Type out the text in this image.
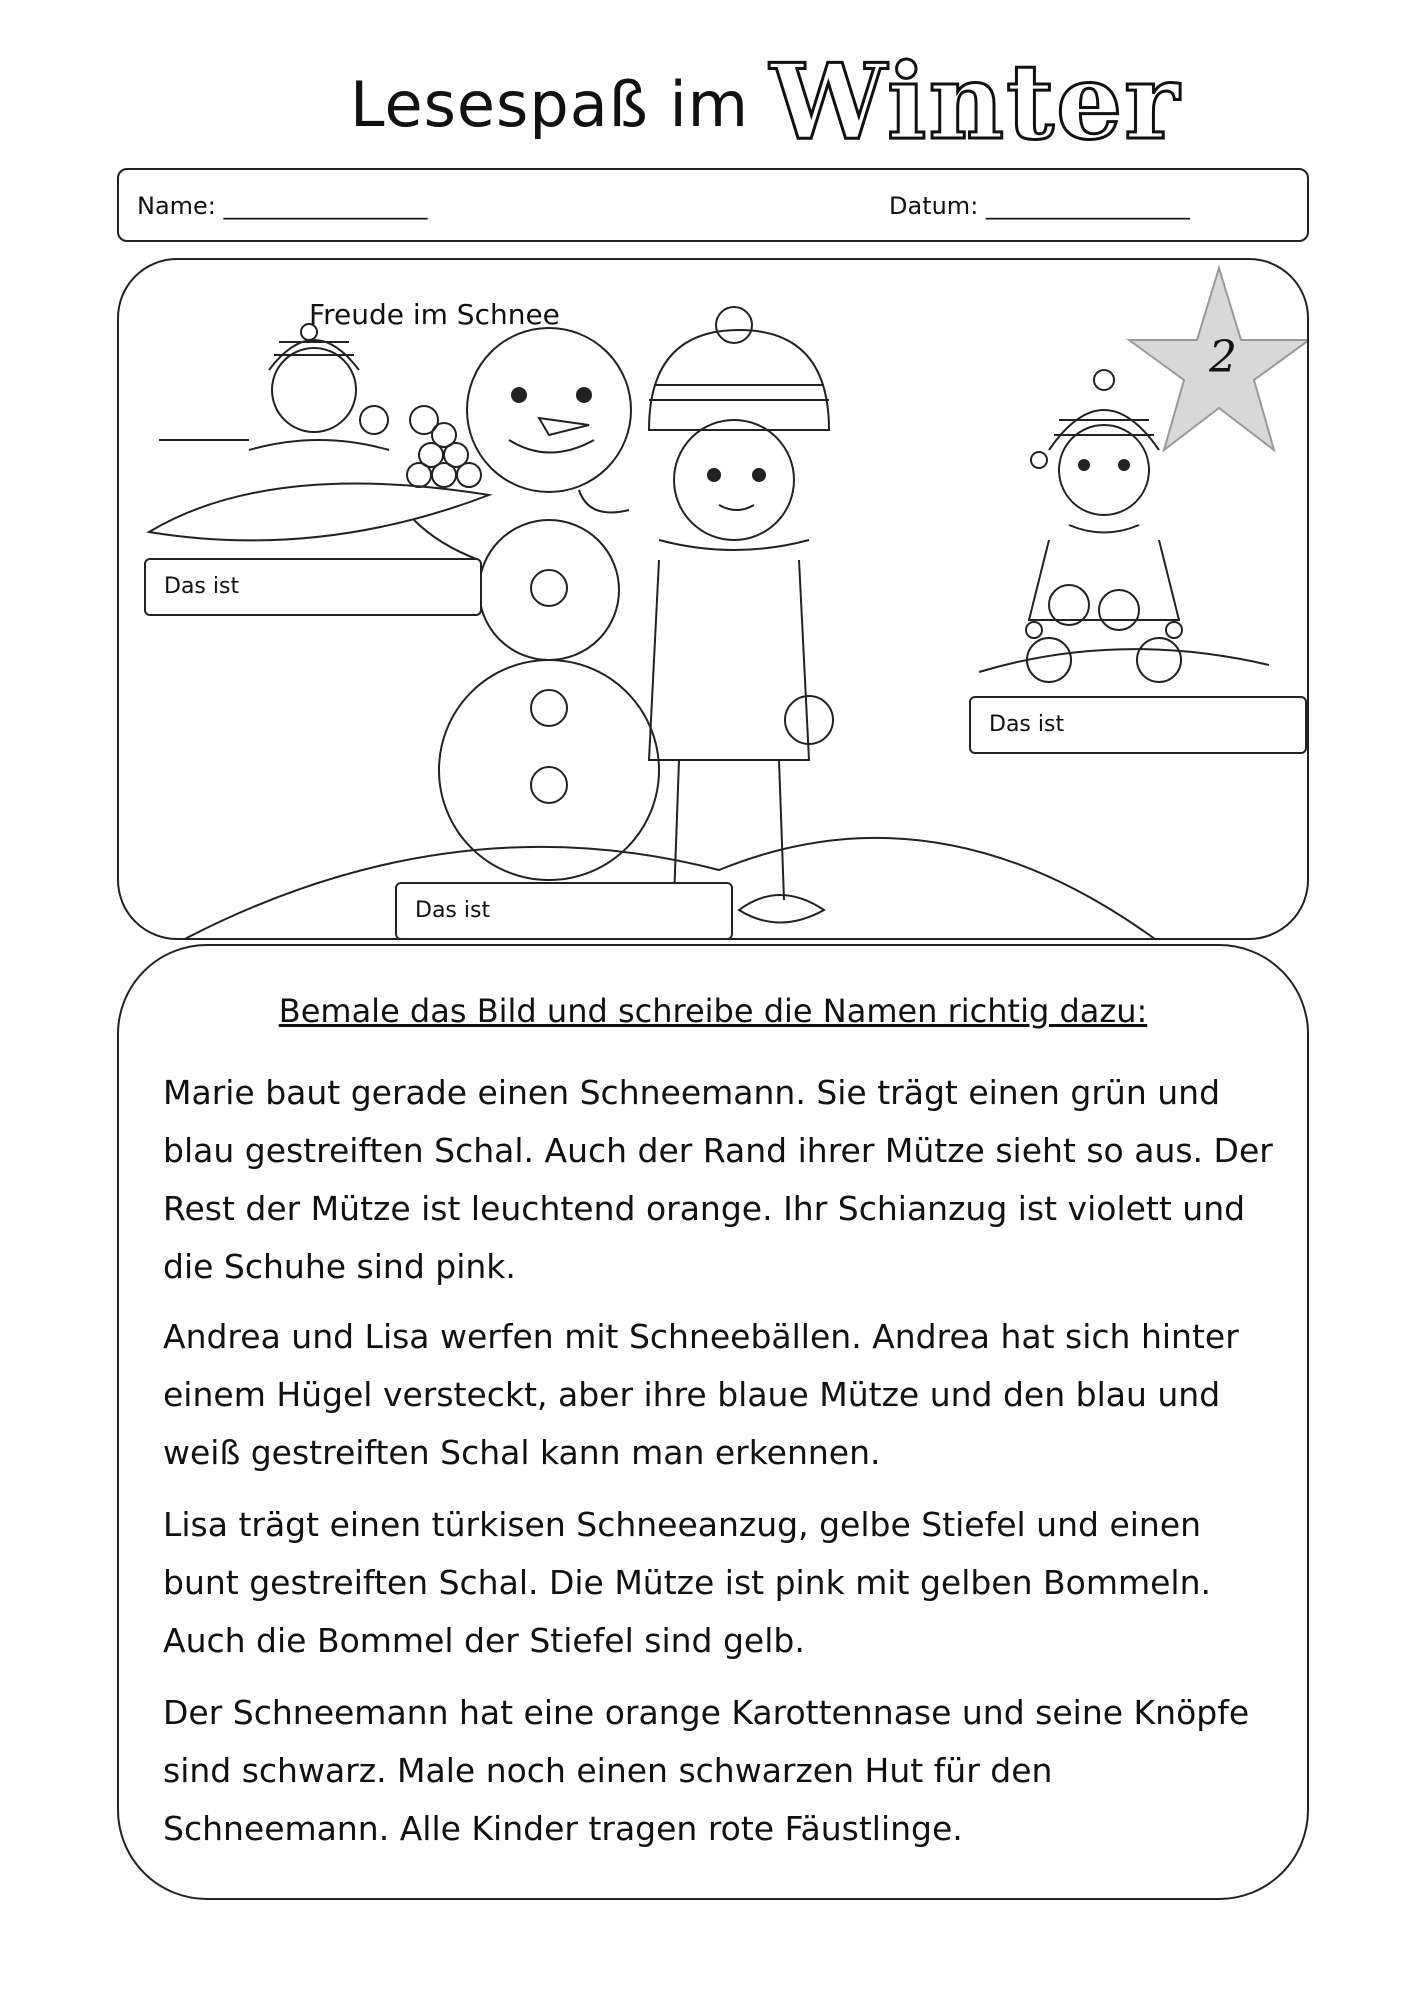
Lesespaß im Winter
Name: _________________	Datum: _________________
Freude im Schnee
2
Das ist
Das ist
Das ist
Bemale das Bild und schreibe die Namen richtig dazu:

Marie baut gerade einen Schneemann. Sie trägt einen grün und blau gestreiften Schal. Auch der Rand ihrer Mütze sieht so aus. Der Rest der Mütze ist leuchtend orange. Ihr Schianzug ist violett und die Schuhe sind pink.

Andrea und Lisa werfen mit Schneebällen. Andrea hat sich hinter einem Hügel versteckt, aber ihre blaue Mütze und den blau und weiß gestreiften Schal kann man erkennen.

Lisa trägt einen türkisen Schneeanzug, gelbe Stiefel und einen bunt gestreiften Schal. Die Mütze ist pink mit gelben Bommeln. Auch die Bommel der Stiefel sind gelb.

Der Schneemann hat eine orange Karottennase und seine Knöpfe sind schwarz. Male noch einen schwarzen Hut für den Schneemann. Alle Kinder tragen rote Fäustlinge.
